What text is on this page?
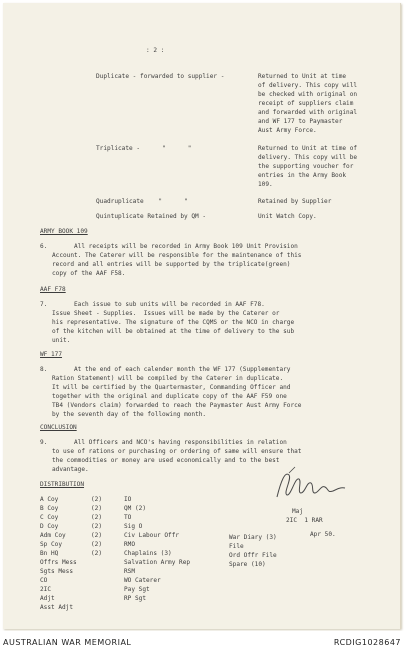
: 2 :
Duplicate - forwarded to supplier -	Returned to Unit at time
of delivery. This copy will
be checked with original on
receipt of suppliers claim
and forwarded with original
and WF 177 to Paymaster
Aust Army Force.
Triplicate -      "      "	Returned to Unit at time of
delivery. This copy will be
the supporting voucher for
entries in the Army Book
109.
Quadruplicate    "      "	Retained by Supplier
Quintuplicate Retained by QM -	Unit Watch Copy.
ARMY BOOK 109
6. All receipts will be recorded in Army Book 109 Unit Provision
Account. The Caterer will be responsible for the maintenance of this
record and all entries will be supported by the triplicate(green)
copy of the AAF F58.
AAF F78
7. Each issue to sub units will be recorded in AAF F78.
Issue Sheet - Supplies.  Issues will be made by the Caterer or
his representative. The signature of the CQMS or the NCO in charge
of the kitchen will be obtained at the time of delivery to the sub
unit.
WF 177
8. At the end of each calender month the WF 177 (Supplementary
Ration Statement) will be compiled by the Caterer in duplicate.
It will be certified by the Quartermaster, Commanding Officer and
together with the original and duplicate copy of the AAF F59 one
TB4 (Vendors claim) forwarded to reach the Paymaster Aust Army Force
by the seventh day of the following month.
CONCLUSION
9. All Officers and NCO's having responsibilities in relation
to use of rations or purchasing or ordering of same will ensure that
the commodities or money are used economically and to the best
advantage.
Maj
2IC  1 RAR
Apr 50.
DISTRIBUTION
A Coy	(2)
B Coy	(2)
C Coy	(2)
D Coy	(2)
Adm Coy	(2)
Sp Coy	(2)
Bn HQ	(2)
Offrs Mess
Sgts Mess
CO
2IC
Adjt
Asst Adjt
IO
QM (2)
TO
Sig O
Civ Labour Offr
RMO
Chaplains (3)
Salvation Army Rep
RSM
WO Caterer
Pay Sgt
RP Sgt
War Diary (3)
File
Ord Offr File
Spare (10)
AUSTRALIAN WAR MEMORIAL	RCDIG1028647
